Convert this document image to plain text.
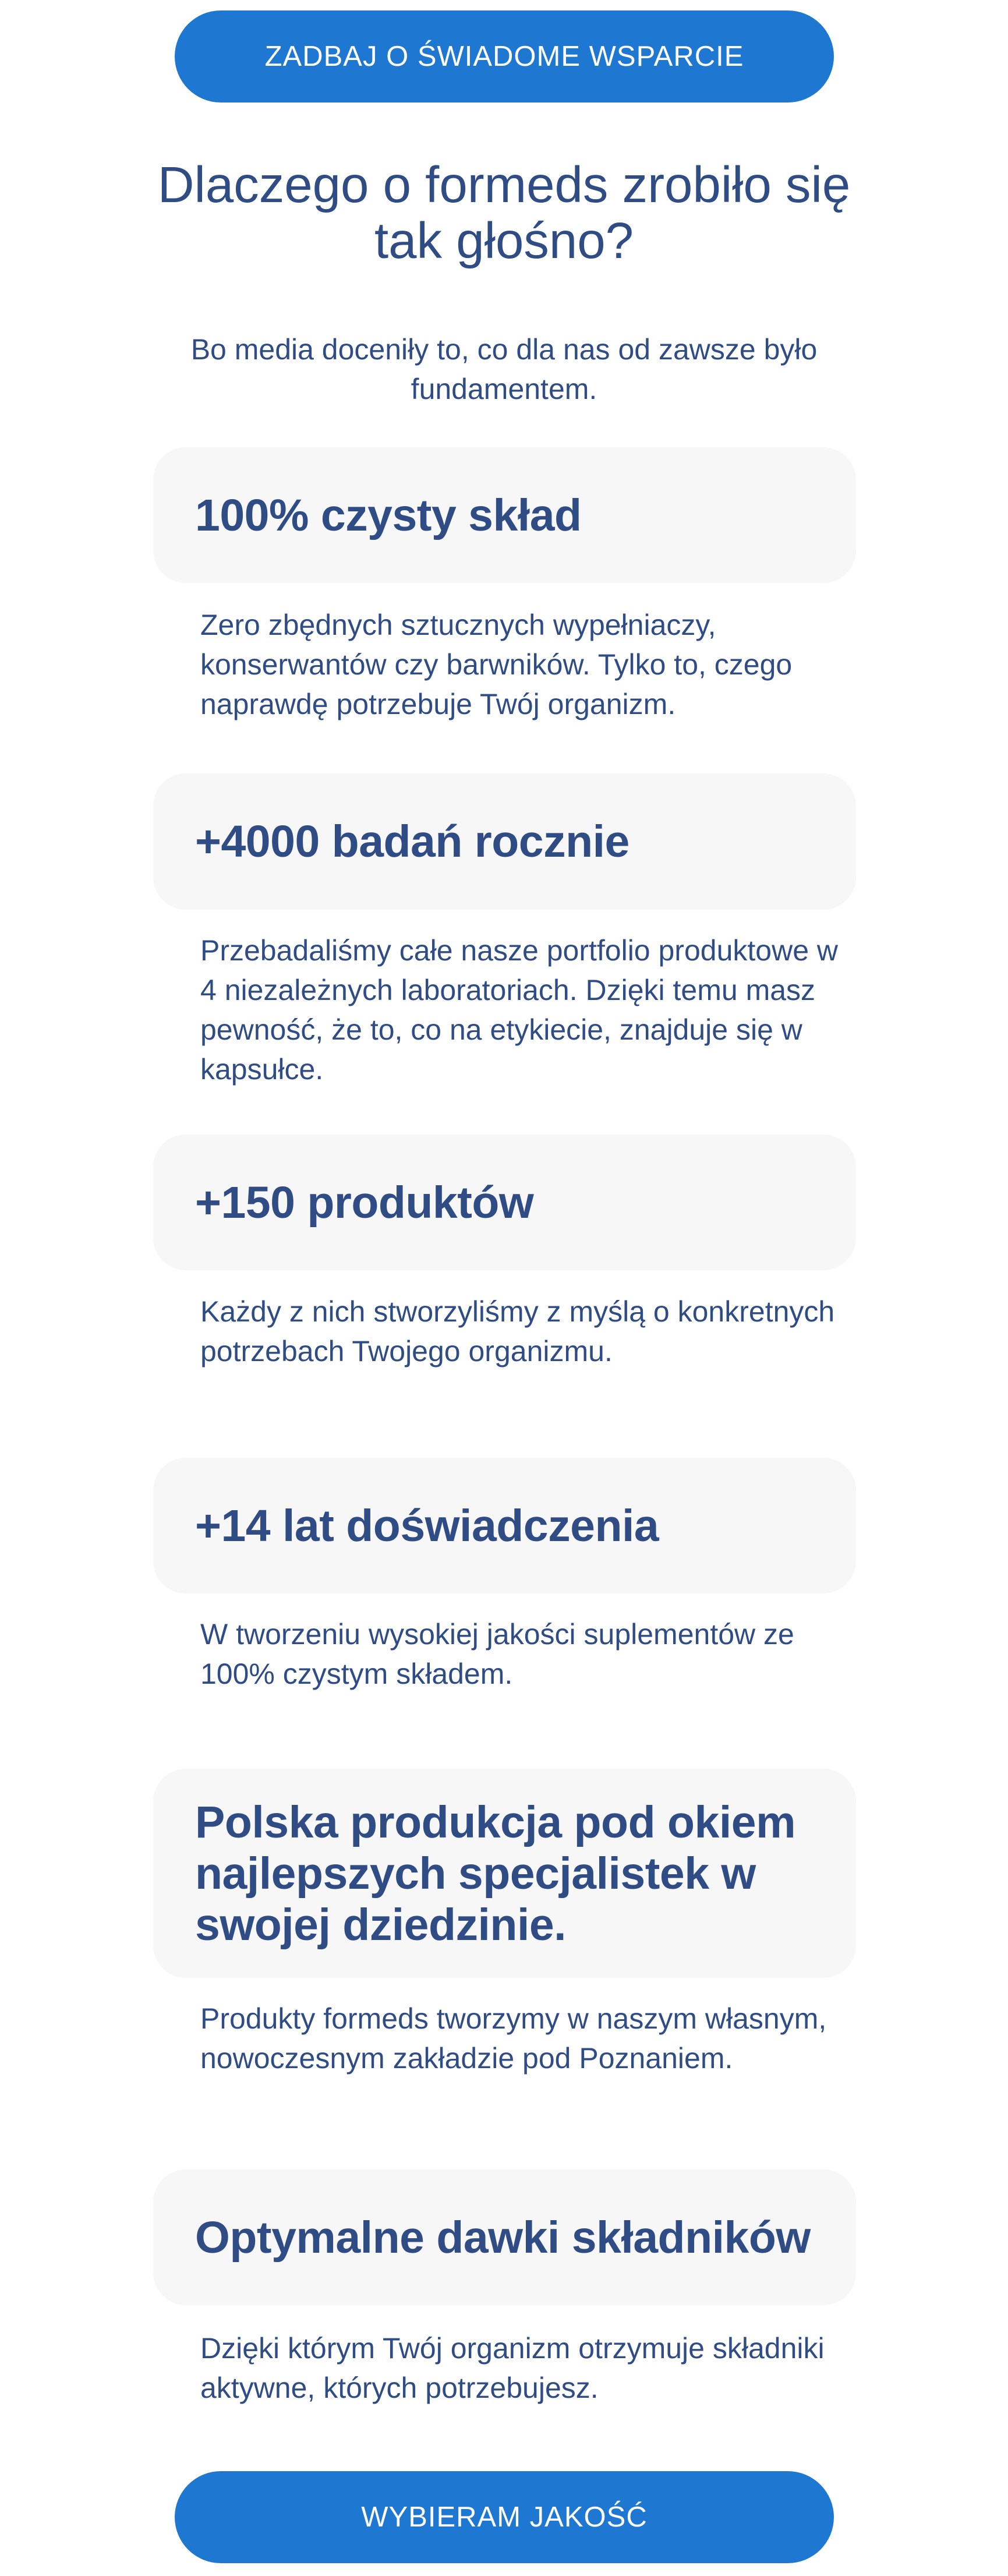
ZADBAJ O ŚWIADOME WSPARCIE
Dlaczego o formeds zrobiło się tak głośno?

Bo media doceniły to, co dla nas od zawsze było fundamentem.

100% czysty skład

Zero zbędnych sztucznych wypełniaczy, konserwantów czy barwników. Tylko to, czego naprawdę potrzebuje Twój organizm.

+4000 badań rocznie

Przebadaliśmy całe nasze portfolio produktowe w 4 niezależnych laboratoriach. Dzięki temu masz pewność, że to, co na etykiecie, znajduje się w kapsułce.

+150 produktów

Każdy z nich stworzyliśmy z myślą o konkretnych potrzebach Twojego organizmu.

+14 lat doświadczenia

W tworzeniu wysokiej jakości suplementów ze 100% czystym składem.

Polska produkcja pod okiem najlepszych specjalistek w swojej dziedzinie.

Produkty formeds tworzymy w naszym własnym, nowoczesnym zakładzie pod Poznaniem.

Optymalne dawki składników

Dzięki którym Twój organizm otrzymuje składniki aktywne, których potrzebujesz.

WYBIERAM JAKOŚĆ
